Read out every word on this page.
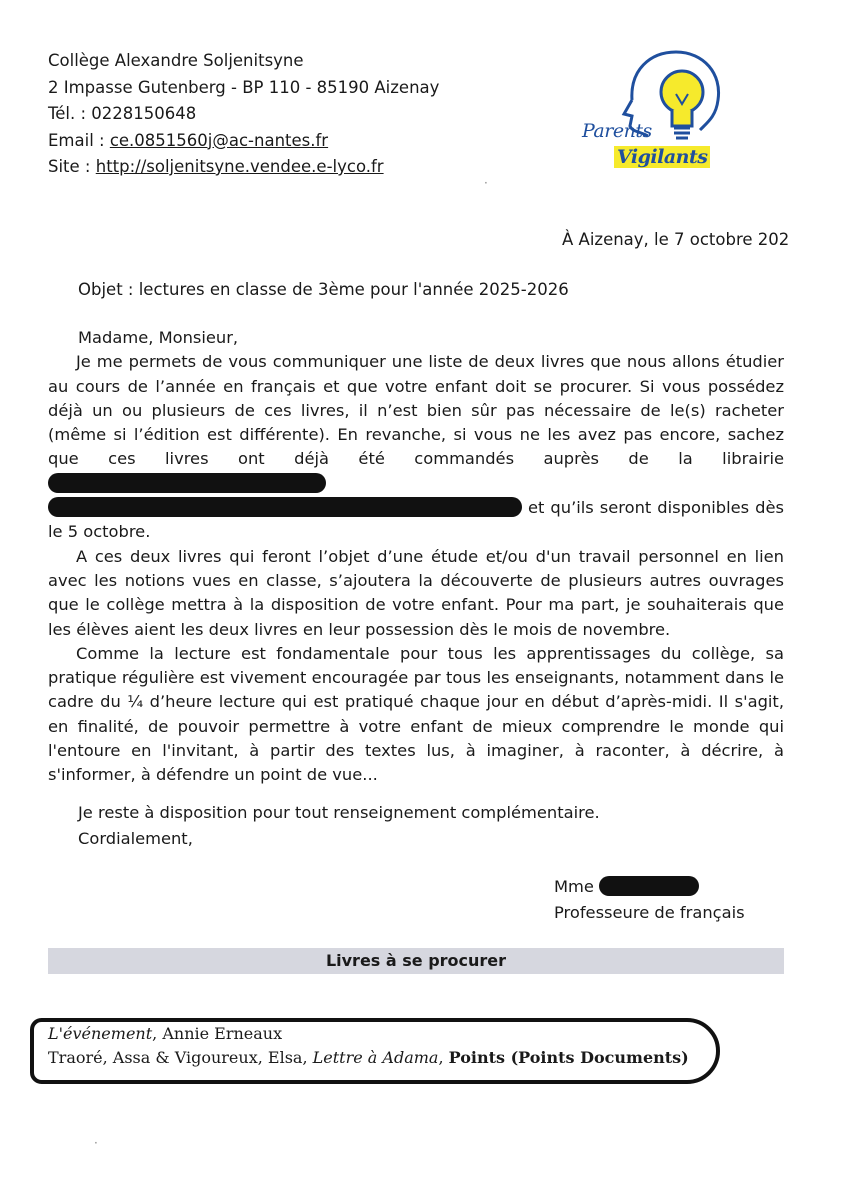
Collège Alexandre Soljenitsyne
2 Impasse Gutenberg - BP 110 - 85190 Aizenay
Tél. : 0228150648
Email : ce.0851560j@ac-nantes.fr
Site : http://soljenitsyne.vendee.e-lyco.fr
Parents
Vigilants
À Aizenay, le 7 octobre 202
Objet : lectures en classe de 3ème pour l'année 2025-2026
Madame, Monsieur,

Je me permets de vous communiquer une liste de deux livres que nous allons étudier au cours de l’année en français et que votre enfant doit se procurer. Si vous possédez déjà un ou plusieurs de ces livres, il n’est bien sûr pas nécessaire de le(s) racheter (même si l’édition est différente). En revanche, si vous ne les avez pas encore, sachez que ces livres ont déjà été commandés auprès de la librairie   et qu’ils seront disponibles dès le 5 octobre.

A ces deux livres qui feront l’objet d’une étude et/ou d'un travail personnel en lien avec les notions vues en classe, s’ajoutera la découverte de plusieurs autres ouvrages que le collège mettra à la disposition de votre enfant. Pour ma part, je souhaiterais que les élèves aient les deux livres en leur possession dès le mois de novembre.

Comme la lecture est fondamentale pour tous les apprentissages du collège, sa pratique régulière est vivement encouragée par tous les enseignants, notamment dans le cadre du ¼ d’heure lecture qui est pratiqué chaque jour en début d’après-midi. Il s'agit, en finalité, de pouvoir permettre à votre enfant de mieux comprendre le monde qui l'entoure en l'invitant, à partir des textes lus, à imaginer, à raconter, à décrire, à s'informer, à défendre un point de vue...

Je reste à disposition pour tout renseignement complémentaire.
Cordialement,
Mme
Professeure de français
Livres à se procurer
L'événement, Annie Erneaux
Traoré, Assa & Vigoureux, Elsa, Lettre à Adama, Points (Points Documents)
·
·
